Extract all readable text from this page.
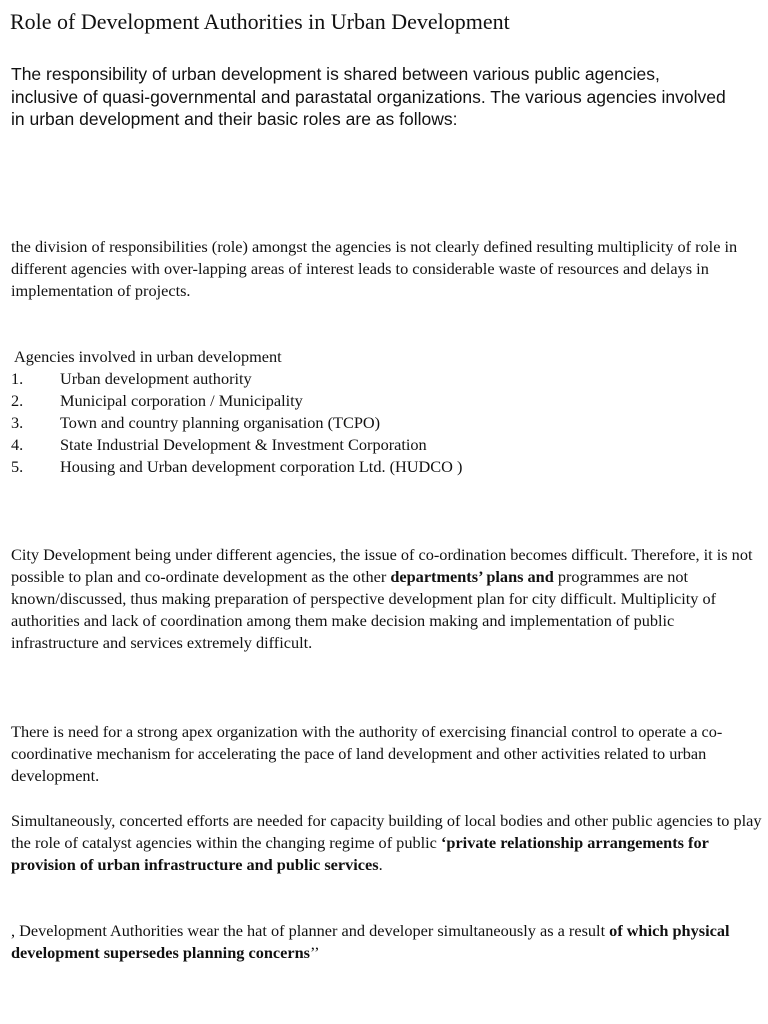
Role of Development Authorities in Urban Development

The responsibility of urban development is shared between various public agencies, inclusive of quasi-governmental and parastatal organizations. The various agencies involved in urban development and their basic roles are as follows:

the division of responsibilities (role) amongst the agencies is not clearly defined resulting multiplicity of role in different agencies with over-lapping areas of interest leads to considerable waste of resources and delays in implementation of projects.

Agencies involved in urban development

1. Urban development authority
2. Municipal corporation / Municipality
3. Town and country planning organisation (TCPO)
4. State Industrial Development & Investment Corporation
5. Housing and Urban development corporation Ltd. (HUDCO )

City Development being under different agencies, the issue of co-ordination becomes difficult. Therefore, it is not possible to plan and co-ordinate development as the other departments’ plans and programmes are not known/discussed, thus making preparation of perspective development plan for city difficult. Multiplicity of authorities and lack of coordination among them make decision making and implementation of public infrastructure and services extremely difficult.

There is need for a strong apex organization with the authority of exercising financial control to operate a co-coordinative mechanism for accelerating the pace of land development and other activities related to urban development.

Simultaneously, concerted efforts are needed for capacity building of local bodies and other public agencies to play the role of catalyst agencies within the changing regime of public ‘private relationship arrangements for provision of urban infrastructure and public services.

, Development Authorities wear the hat of planner and developer simultaneously as a result of which physical development supersedes planning concerns’’
